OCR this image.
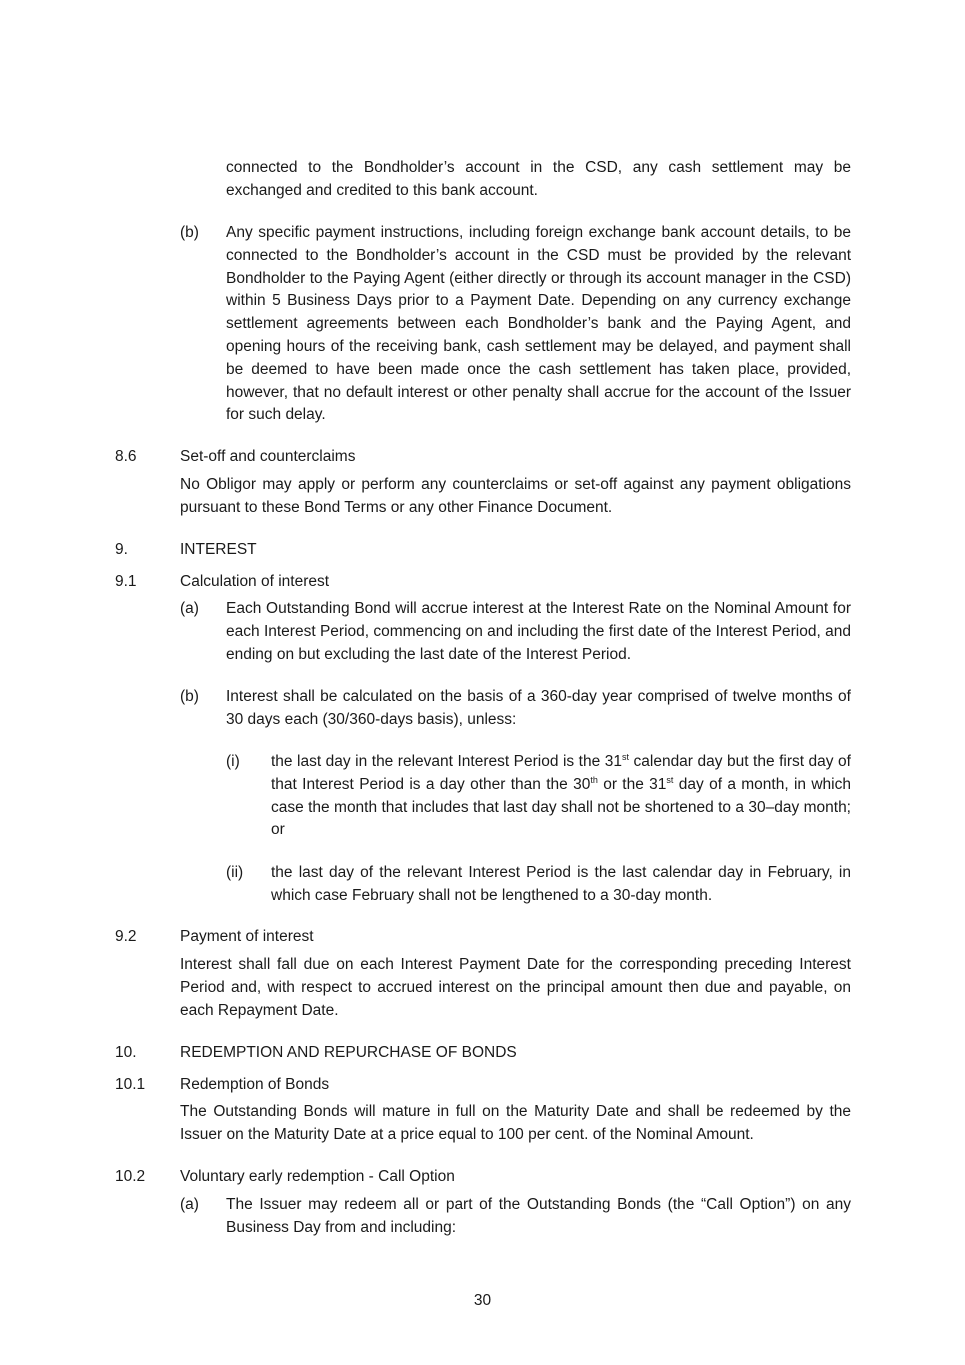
connected to the Bondholder’s account in the CSD, any cash settlement may be exchanged and credited to this bank account.

(b) Any specific payment instructions, including foreign exchange bank account details, to be connected to the Bondholder’s account in the CSD must be provided by the relevant Bondholder to the Paying Agent (either directly or through its account manager in the CSD) within 5 Business Days prior to a Payment Date. Depending on any currency exchange settlement agreements between each Bondholder’s bank and the Paying Agent, and opening hours of the receiving bank, cash settlement may be delayed, and payment shall be deemed to have been made once the cash settlement has taken place, provided, however, that no default interest or other penalty shall accrue for the account of the Issuer for such delay.

8.6	Set-off and counterclaims

No Obligor may apply or perform any counterclaims or set-off against any payment obligations pursuant to these Bond Terms or any other Finance Document.

9.	INTEREST
9.1	Calculation of interest
(a) Each Outstanding Bond will accrue interest at the Interest Rate on the Nominal Amount for each Interest Period, commencing on and including the first date of the Interest Period, and ending on but excluding the last date of the Interest Period.

(b) Interest shall be calculated on the basis of a 360-day year comprised of twelve months of 30 days each (30/360-days basis), unless:

(i) the last day in the relevant Interest Period is the 31st calendar day but the first day of that Interest Period is a day other than the 30th or the 31st day of a month, in which case the month that includes that last day shall not be shortened to a 30–day month; or

(ii) the last day of the relevant Interest Period is the last calendar day in February, in which case February shall not be lengthened to a 30-day month.

9.2	Payment of interest

Interest shall fall due on each Interest Payment Date for the corresponding preceding Interest Period and, with respect to accrued interest on the principal amount then due and payable, on each Repayment Date.

10.	REDEMPTION AND REPURCHASE OF BONDS
10.1 Redemption of Bonds

The Outstanding Bonds will mature in full on the Maturity Date and shall be redeemed by the Issuer on the Maturity Date at a price equal to 100 per cent. of the Nominal Amount.

10.2 Voluntary early redemption - Call Option
(a) The Issuer may redeem all or part of the Outstanding Bonds (the “Call Option”) on any Business Day from and including:

30
